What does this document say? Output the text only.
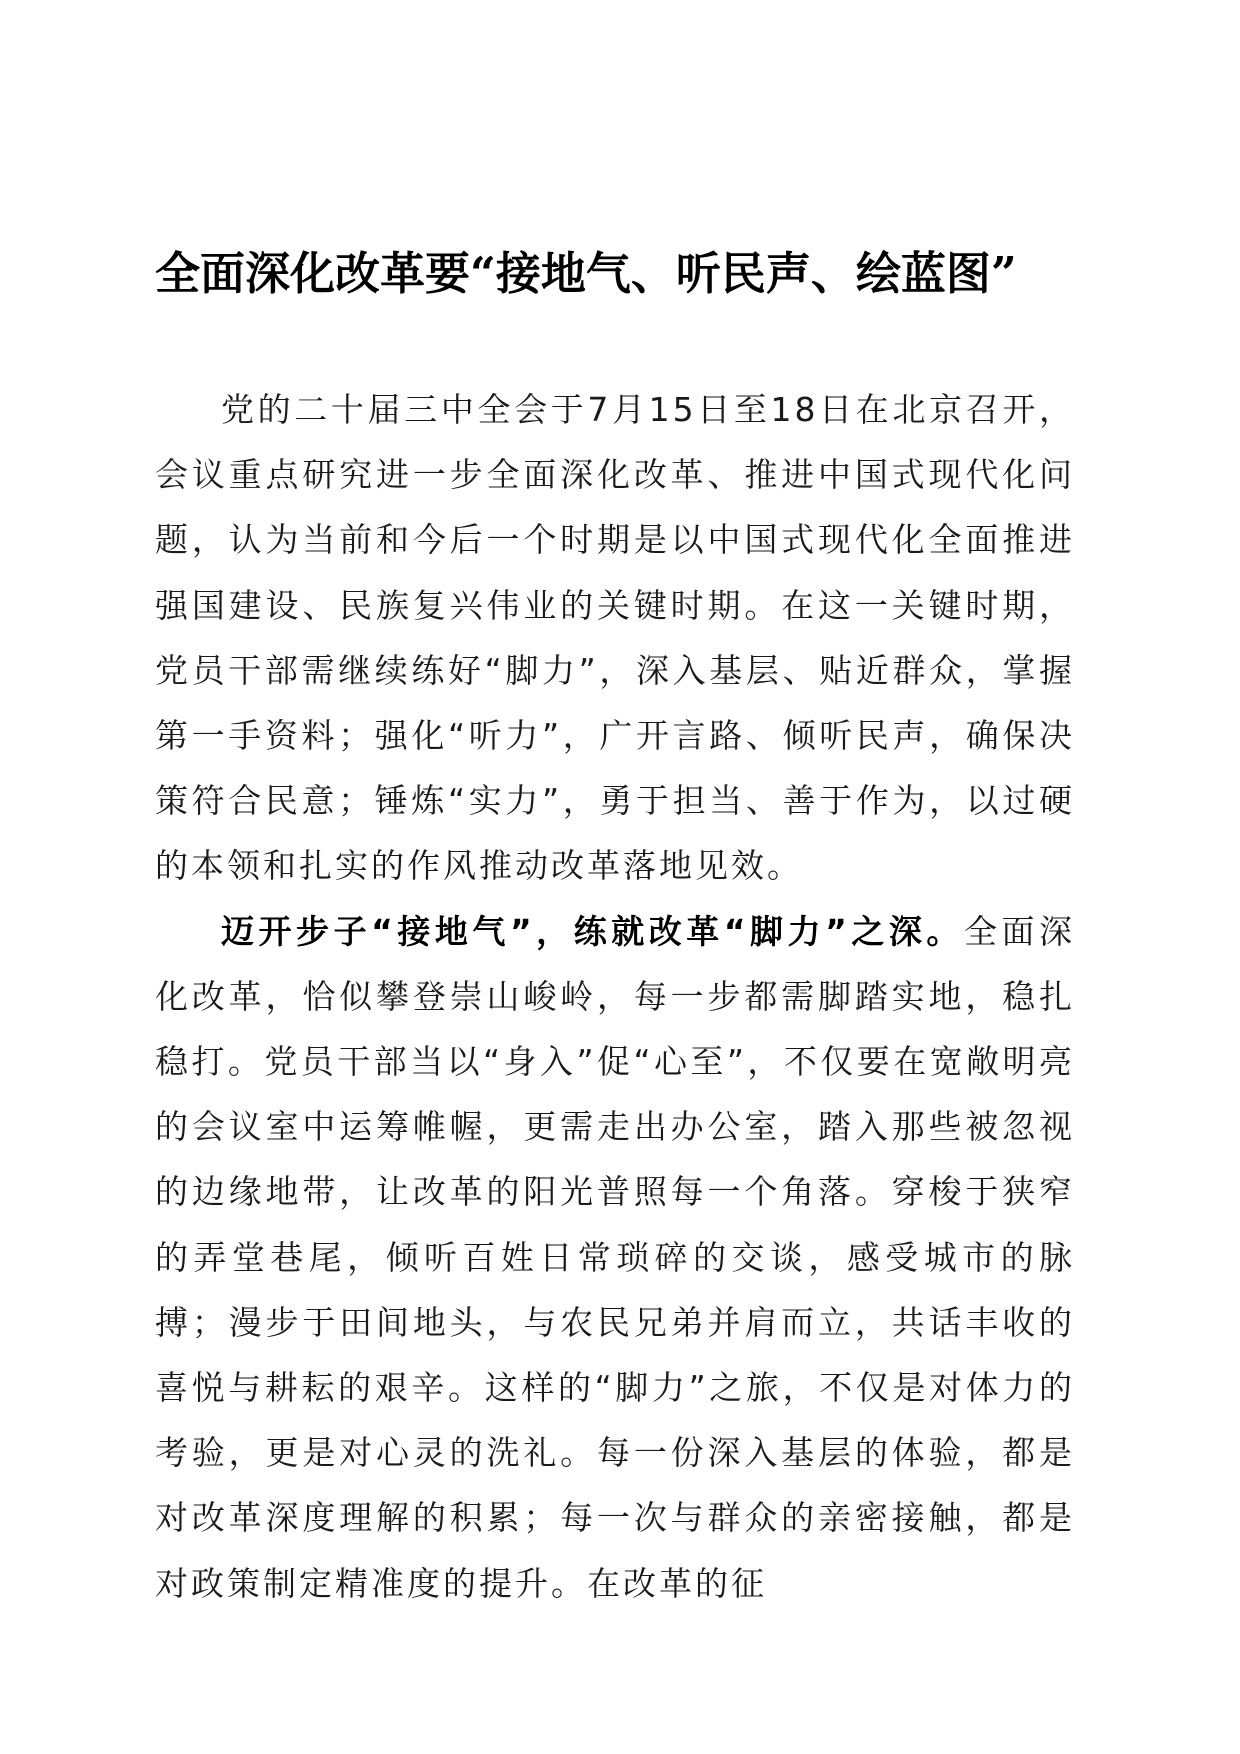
全面深化改革要“接地气、听民声、绘蓝图”

党的二十届三中全会于7月15日至18日在北京召开，会议重点研究进一步全面深化改革、推进中国式现代化问题，认为当前和今后一个时期是以中国式现代化全面推进强国建设、民族复兴伟业的关键时期。在这一关键时期，党员干部需继续练好“脚力”，深入基层、贴近群众，掌握第一手资料；强化“听力”，广开言路、倾听民声，确保决策符合民意；锤炼“实力”，勇于担当、善于作为，以过硬的本领和扎实的作风推动改革落地见效。

迈开步子“接地气”，练就改革“脚力”之深。全面深化改革，恰似攀登崇山峻岭，每一步都需脚踏实地，稳扎稳打。党员干部当以“身入”促“心至”，不仅要在宽敞明亮的会议室中运筹帷幄，更需走出办公室，踏入那些被忽视的边缘地带，让改革的阳光普照每一个角落。穿梭于狭窄的弄堂巷尾，倾听百姓日常琐碎的交谈，感受城市的脉搏；漫步于田间地头，与农民兄弟并肩而立，共话丰收的喜悦与耕耘的艰辛。这样的“脚力”之旅，不仅是对体力的考验，更是对心灵的洗礼。每一份深入基层的体验，都是对改革深度理解的积累；每一次与群众的亲密接触，都是对政策制定精准度的提升。在改革的征
